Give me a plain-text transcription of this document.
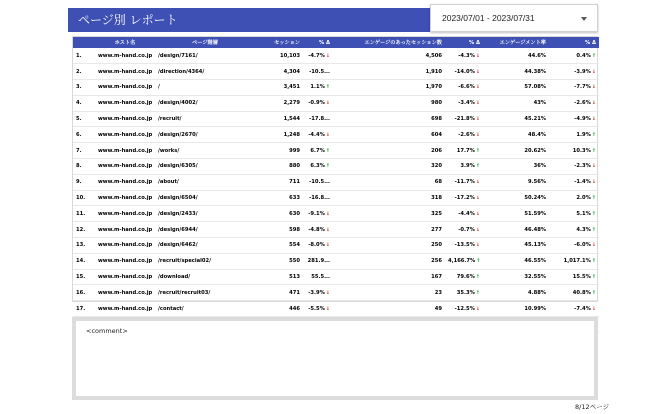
ページ別 レポート	2023/07/01 - 2023/07/31
	ホスト名	ページ階層	セッション	% Δ	エンゲージのあったセッション数	% Δ	エンゲージメント率	% Δ
1.	www.m-hand.co.jp	/design/7161/	10,103	-4.7%↓	4,506	-4.3%↓	44.6%	0.4%↑
2.	www.m-hand.co.jp	/direction/4364/	4,304	-10.5...	1,910	-14.0%↓	44.38%	-3.9%↓
3.	www.m-hand.co.jp	/	3,451	1.1%↑	1,970	-6.6%↓	57.08%	-7.7%↓
4.	www.m-hand.co.jp	/design/4002/	2,279	-0.9%↓	980	-3.4%↓	43%	-2.6%↓
5.	www.m-hand.co.jp	/recruit/	1,544	-17.8...	698	-21.8%↓	45.21%	-4.9%↓
6.	www.m-hand.co.jp	/design/2670/	1,248	-4.4%↓	604	-2.6%↓	48.4%	1.9%↑
7.	www.m-hand.co.jp	/works/	999	6.7%↑	206	17.7%↑	20.62%	10.3%↑
8.	www.m-hand.co.jp	/design/6305/	880	6.3%↑	320	3.9%↑	36%	-2.3%↓
9.	www.m-hand.co.jp	/about/	711	-10.5...	68	-11.7%↓	9.56%	-1.4%↓
10.	www.m-hand.co.jp	/design/6504/	633	-16.8...	318	-17.2%↓	50.24%	2.0%↑
11.	www.m-hand.co.jp	/design/2433/	630	-9.1%↓	325	-4.4%↓	51.59%	5.1%↑
12.	www.m-hand.co.jp	/design/6944/	598	-4.8%↓	277	-0.7%↓	46.48%	4.3%↑
13.	www.m-hand.co.jp	/design/6462/	554	-8.0%↓	250	-13.5%↓	45.13%	-6.0%↓
14.	www.m-hand.co.jp	/recruit/special02/	550	281.9...	256	4,166.7%↑	46.55%	1,017.1%↑
15.	www.m-hand.co.jp	/download/	513	55.5...	167	79.6%↑	32.55%	15.5%↑
16.	www.m-hand.co.jp	/recruit/recruit03/	471	-3.9%↓	23	35.3%↑	4.88%	40.8%↑
17.	www.m-hand.co.jp	/contact/	446	-5.5%↓	49	-12.5%↓	10.99%	-7.4%↓

<comment>
8/12ページ
